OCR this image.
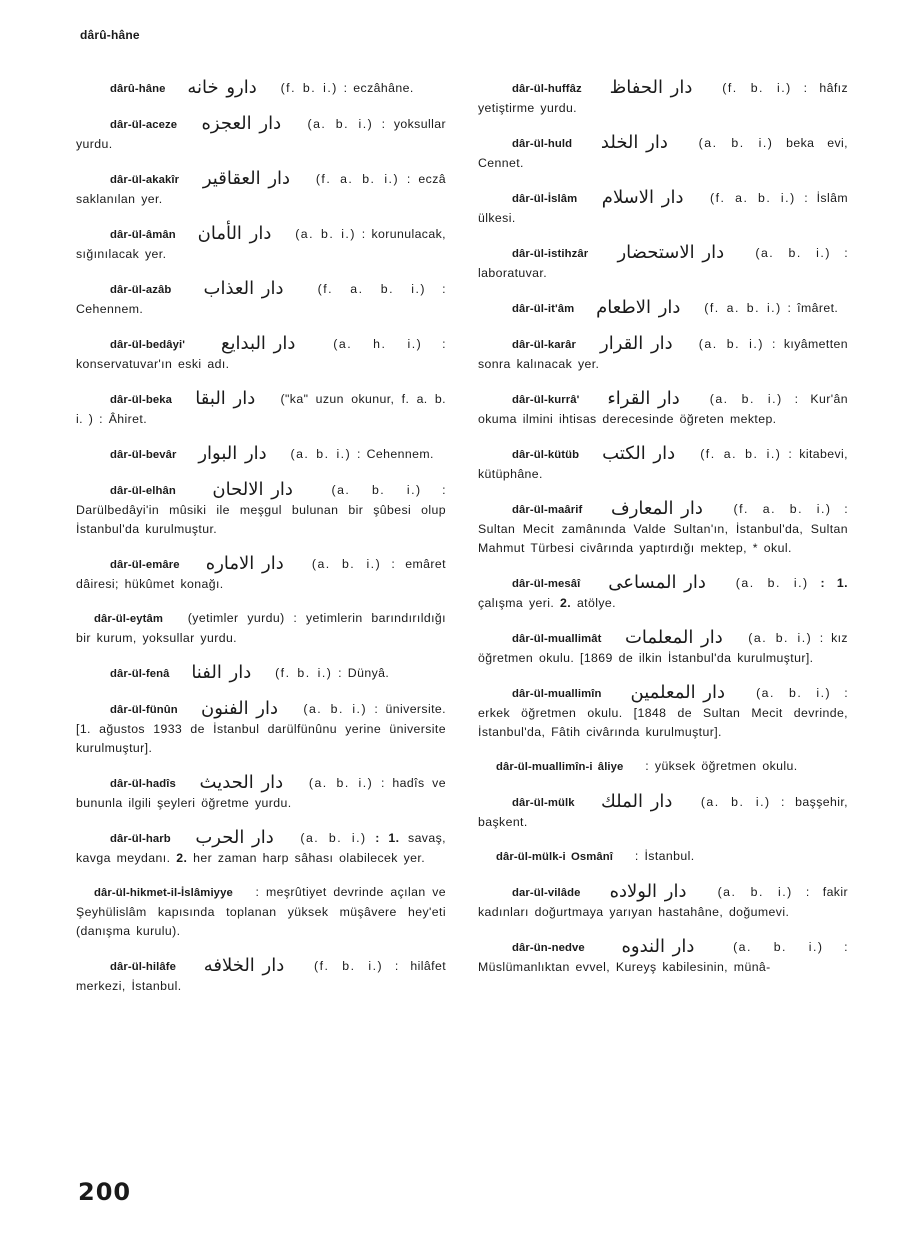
dârû-hâne
dârû-hâne دارو خانه (f. b. i.) : eczâhâne.
dâr-ül-aceze دار العجزه (a. b. i.) : yoksullar yurdu.
dâr-ül-akakîr دار العقاقير (f. a. b. i.) : eczâ saklanılan yer.
dâr-ül-âmân دار الأمان (a. b. i.) : korunulacak, sığınılacak yer.
dâr-ül-azâb دار العذاب	(f. a. b. i.) : Cehennem.
dâr-ül-bedâyi' دار البدايع	(a. h. i.) : konservatuvar'ın eski adı.
dâr-ül-beka دار البقا ("ka" uzun okunur, f. a. b. i. ) : Âhiret.
dâr-ül-bevâr دار البوار (a. b. i.) : Cehennem.
dâr-ül-elhân دار الالحان	(a. b. i.) : Darülbedâyi'in mûsiki ile meşgul bulunan bir şûbesi olup İstanbul'da kurulmuştur.
dâr-ül-emâre دار الاماره (a. b. i.) : emâret dâiresi; hükûmet konağı.
dâr-ül-eytâm (yetimler yurdu) : yetimlerin barındırıldığı bir kurum, yoksullar yurdu.
dâr-ül-fenâ دار الفنا (f. b. i.) : Dünyâ.
dâr-ül-fünûn دار الفنون (a. b. i.) : üniversite. [1. ağustos 1933 de İstanbul darülfünûnu yerine üniversite kurulmuştur].
dâr-ül-hadîs دار الحديث (a. b. i.) : hadîs ve bununla ilgili şeyleri öğretme yurdu.
dâr-ül-harb دار الحرب (a. b. i.) : 1. savaş, kavga meydanı. 2. her zaman harp sâhası olabilecek yer.
dâr-ül-hikmet-il-İslâmiyye : meşrûtiyet devrinde açılan ve Şeyhülislâm kapısında toplanan yüksek müşâvere hey'eti (danışma kurulu).
dâr-ül-hilâfe دار الخلافه (f. b. i.) : hilâfet merkezi, İstanbul.
dâr-ül-huffâz دار الحفاظ (f. b. i.) : hâfız yetiştirme yurdu.
dâr-ül-huld دار الخلد	(a. b. i.) beka evi, Cennet.
dâr-ül-İslâm دار الاسلام (f. a. b. i.) : İslâm ülkesi.
dâr-ül-istihzâr دار الاستحضار	(a. b. i.) : laboratuvar.
dâr-ül-it'âm دار الاطعام (f. a. b. i.) : îmâret.
dâr-ül-karâr دار القرار (a. b. i.) : kıyâmetten sonra kalınacak yer.
dâr-ül-kurrâ' دار القراء (a. b. i.) : Kur'ân okuma ilmini ihtisas derecesinde öğreten mektep.
dâr-ül-kütüb دار الكتب (f. a. b. i.) : kitabevi, kütüphâne.
dâr-ül-maârif دار المعارف (f. a. b. i.) : Sultan Mecit zamânında Valde Sultan'ın, İstanbul'da, Sultan Mahmut Türbesi civârında yaptırdığı mektep, * okul.
dâr-ül-mesâî دار المساعى (a. b. i.) : 1. çalışma yeri. 2. atölye.
dâr-ül-muallimât دار المعلمات (a. b. i.) : kız öğretmen okulu. [1869 de ilkin İstanbul'da kurulmuştur].
dâr-ül-muallimîn دار المعلمين	(a. b. i.) : erkek öğretmen okulu. [1848 de Sultan Mecit devrinde, İstanbul'da, Fâtih civârında kurulmuştur].
dâr-ül-muallimîn-i âliye : yüksek öğretmen okulu.
dâr-ül-mülk دار الملك (a. b. i.) : başşehir, başkent.
dâr-ül-mülk-i Osmânî : İstanbul.
dar-ül-vilâde دار الولاده	(a. b. i.) : fakir kadınları doğurtmaya yarıyan hastahâne, doğumevi.
dâr-ün-nedve دار الندوه	(a. b. i.) : Müslümanlıktan evvel, Kureyş kabilesinin, münâ-
200
